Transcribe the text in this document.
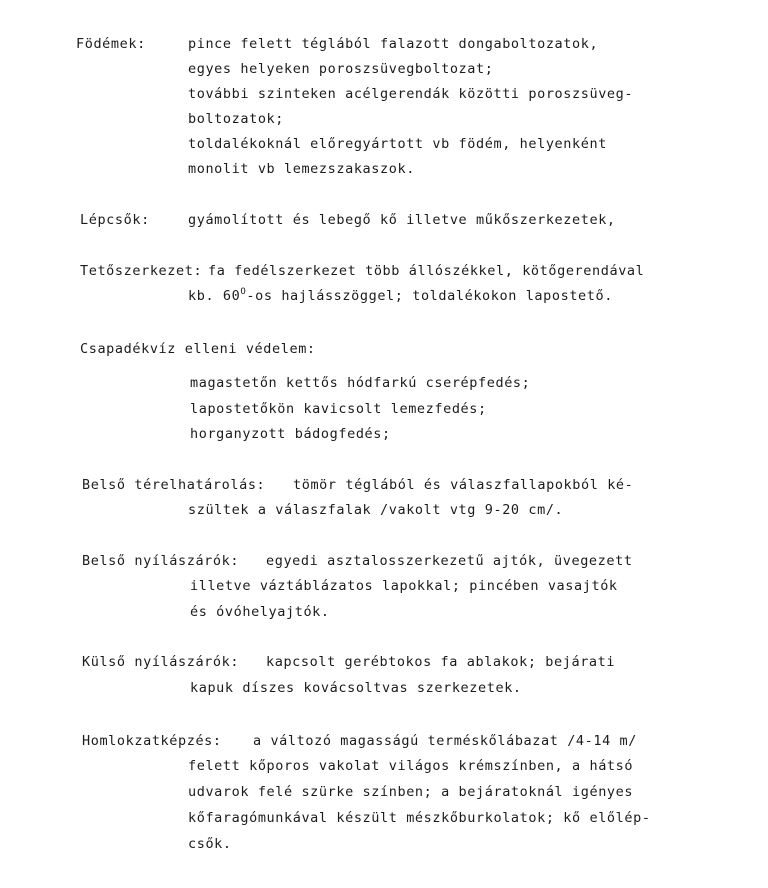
Födémek:	pince felett téglából falazott dongaboltozatok,
egyes helyeken poroszsüvegboltozat;
további szinteken acélgerendák közötti poroszsüveg-
boltozatok;
toldalékoknál előregyártott vb födém, helyenként
monolit vb lemezszakaszok.
Lépcsők:	gyámolított és lebegő kő illetve műkőszerkezetek,
Tetőszerkezet: fa fedélszerkezet több állószékkel, kötőgerendával
kb. $60^O-os$ hajlásszöggel; toldalékokon lapostető.
Csapadékvíz elleni védelem:
magastetőn kettős hódfarkú cserépfedés;
lapostetőkön kavicsolt lemezfedés;
horganyzott bádogfedés;
Belső térelhatárolás: tömör téglából és válaszfallapokból ké-
szültek a válaszfalak /vakolt vtg 9-20 cm/.
Belső nyílászárók: egyedi asztalosszerkezetű ajtók, üvegezett
illetve váztáblázatos lapokkal; pincében vasajtók
és óvóhelyajtók.
Külső nyílászárók: kapcsolt gerébtokos fa ablakok; bejárati
kapuk díszes kovácsoltvas szerkezetek.
Homlokzatképzés: a változó magasságú terméskőlábazat /4-14 m/
felett kőporos vakolat világos krémszínben, a hátsó
udvarok felé szürke színben; a bejáratoknál igényes
kőfaragómunkával készült mészkőburkolatok; kő előlép-
csők.
